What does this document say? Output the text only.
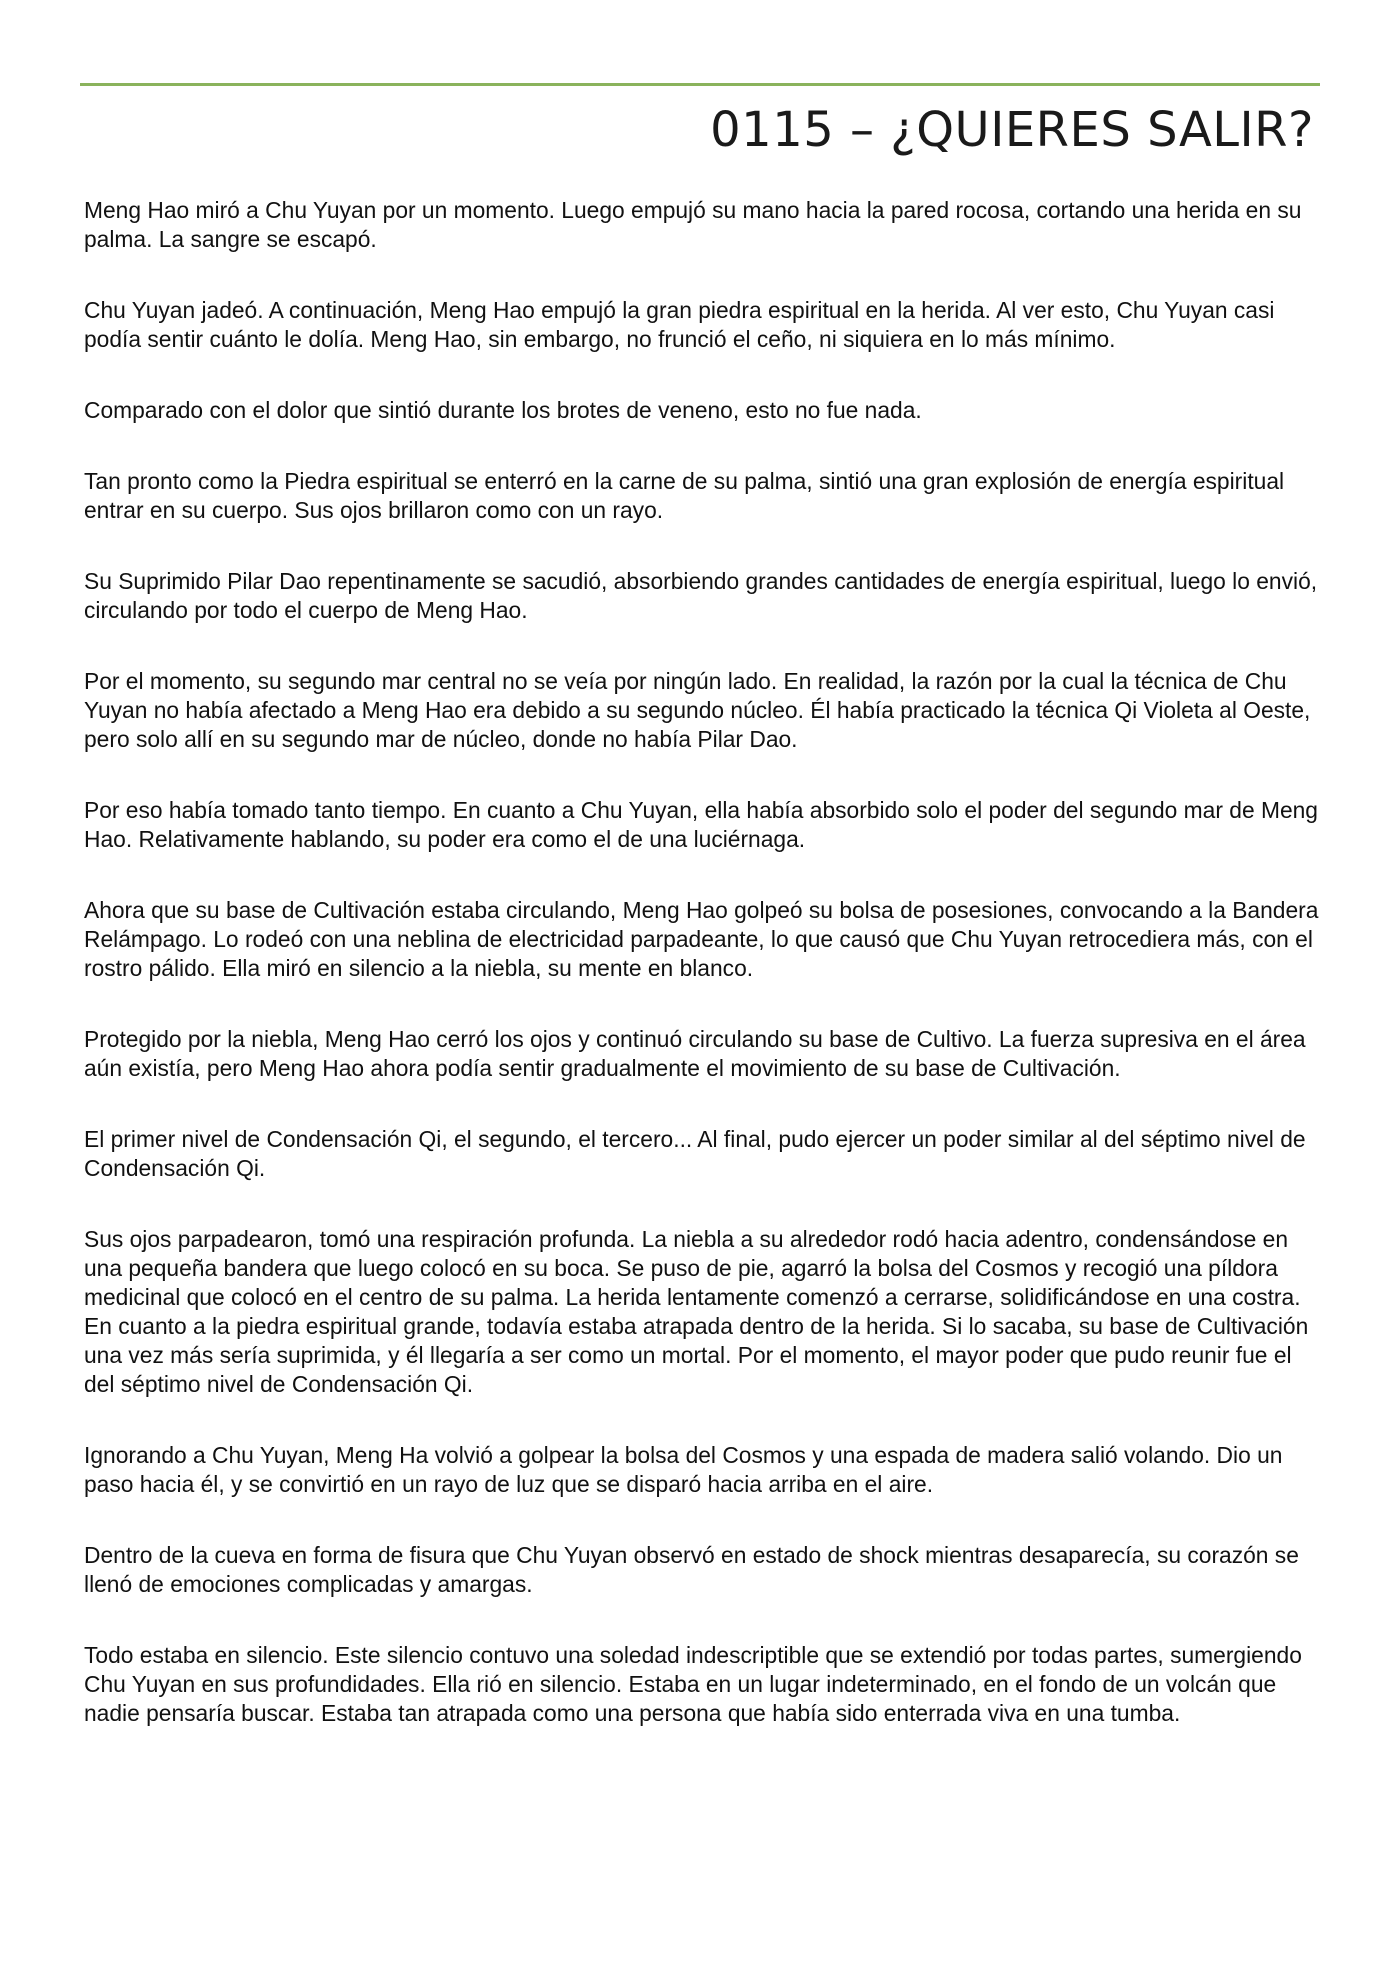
0115 – ¿QUIERES SALIR?

Meng Hao miró a Chu Yuyan por un momento. Luego empujó su mano hacia la pared rocosa, cortando una herida en su palma. La sangre se escapó.

Chu Yuyan jadeó. A continuación, Meng Hao empujó la gran piedra espiritual en la herida. Al ver esto, Chu Yuyan casi podía sentir cuánto le dolía. Meng Hao, sin embargo, no frunció el ceño, ni siquiera en lo más mínimo.

Comparado con el dolor que sintió durante los brotes de veneno, esto no fue nada.

Tan pronto como la Piedra espiritual se enterró en la carne de su palma, sintió una gran explosión de energía espiritual entrar en su cuerpo. Sus ojos brillaron como con un rayo.

Su Suprimido Pilar Dao repentinamente se sacudió, absorbiendo grandes cantidades de energía espiritual, luego lo envió, circulando por todo el cuerpo de Meng Hao.

Por el momento, su segundo mar central no se veía por ningún lado. En realidad, la razón por la cual la técnica de Chu Yuyan no había afectado a Meng Hao era debido a su segundo núcleo. Él había practicado la técnica Qi Violeta al Oeste, pero solo allí en su segundo mar de núcleo, donde no había Pilar Dao.

Por eso había tomado tanto tiempo. En cuanto a Chu Yuyan, ella había absorbido solo el poder del segundo mar de Meng Hao. Relativamente hablando, su poder era como el de una luciérnaga.

Ahora que su base de Cultivación estaba circulando, Meng Hao golpeó su bolsa de posesiones, convocando a la Bandera Relámpago. Lo rodeó con una neblina de electricidad parpadeante, lo que causó que Chu Yuyan retrocediera más, con el rostro pálido. Ella miró en silencio a la niebla, su mente en blanco.

Protegido por la niebla, Meng Hao cerró los ojos y continuó circulando su base de Cultivo. La fuerza supresiva en el área aún existía, pero Meng Hao ahora podía sentir gradualmente el movimiento de su base de Cultivación.

El primer nivel de Condensación Qi, el segundo, el tercero... Al final, pudo ejercer un poder similar al del séptimo nivel de Condensación Qi.

Sus ojos parpadearon, tomó una respiración profunda. La niebla a su alrededor rodó hacia adentro, condensándose en una pequeña bandera que luego colocó en su boca. Se puso de pie, agarró la bolsa del Cosmos y recogió una píldora medicinal que colocó en el centro de su palma. La herida lentamente comenzó a cerrarse, solidificándose en una costra. En cuanto a la piedra espiritual grande, todavía estaba atrapada dentro de la herida. Si lo sacaba, su base de Cultivación una vez más sería suprimida, y él llegaría a ser como un mortal. Por el momento, el mayor poder que pudo reunir fue el del séptimo nivel de Condensación Qi.

Ignorando a Chu Yuyan, Meng Ha volvió a golpear la bolsa del Cosmos y una espada de madera salió volando. Dio un paso hacia él, y se convirtió en un rayo de luz que se disparó hacia arriba en el aire.

Dentro de la cueva en forma de fisura que Chu Yuyan observó en estado de shock mientras desaparecía, su corazón se llenó de emociones complicadas y amargas.

Todo estaba en silencio. Este silencio contuvo una soledad indescriptible que se extendió por todas partes, sumergiendo Chu Yuyan en sus profundidades. Ella rió en silencio. Estaba en un lugar indeterminado, en el fondo de un volcán que nadie pensaría buscar. Estaba tan atrapada como una persona que había sido enterrada viva en una tumba.
